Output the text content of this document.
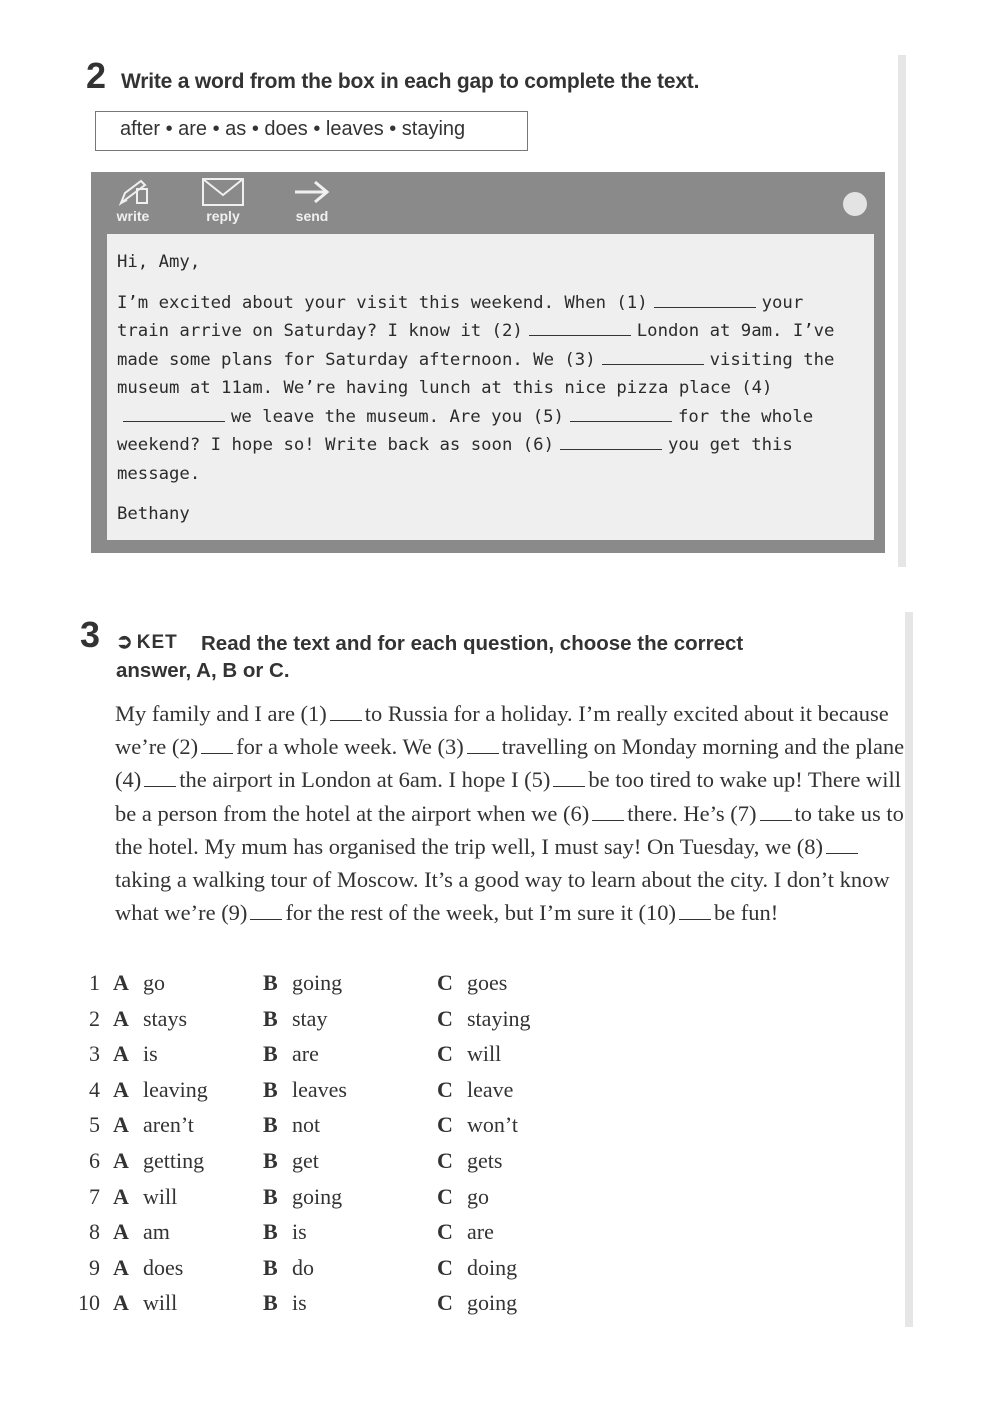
2 Write a word from the box in each gap to complete the text.
after • are • as • does • leaves • staying
write	reply	send
Hi, Amy,
I’m excited about your visit this weekend. When (1)	your train arrive on Saturday? I know it (2)	London at 9am. I’ve made some plans for Saturday afternoon. We (3)	visiting the museum at 11am. We’re having lunch at this nice pizza place (4)we leave the museum. Are you (5)	for the whole weekend? I hope so! Write back as soon (6)	you get this message.
Bethany
3 ➲ KET	Read the text and for each question, choose the correct answer, A, B or C.
My family and I are (1) to Russia for a holiday. I’m really excited about it because we’re (2) for a whole week. We (3) travelling on Monday morning and the plane (4) the airport in London at 6am. I hope I (5) be too tired to wake up! There will be a person from the hotel at the airport when we (6) there. He’s (7) to take us to the hotel. My mum has organised the trip well, I must say! On Tuesday, we (8)taking a walking tour of Moscow. It’s a good way to learn about the city. I don’t know what we’re (9) for the rest of the week, but I’m sure it (10) be fun!
1 A go	B going	C goes
2 A stays	B stay	C staying
3 A is	B are	C will
4 A leaving	B leaves	C leave
5 A aren’t	B not	C won’t
6 A getting	B get	C gets
7 A will	B going	C go
8 A am	B is	C are
9 A does	B do	C doing
10 A will	B is	C going
